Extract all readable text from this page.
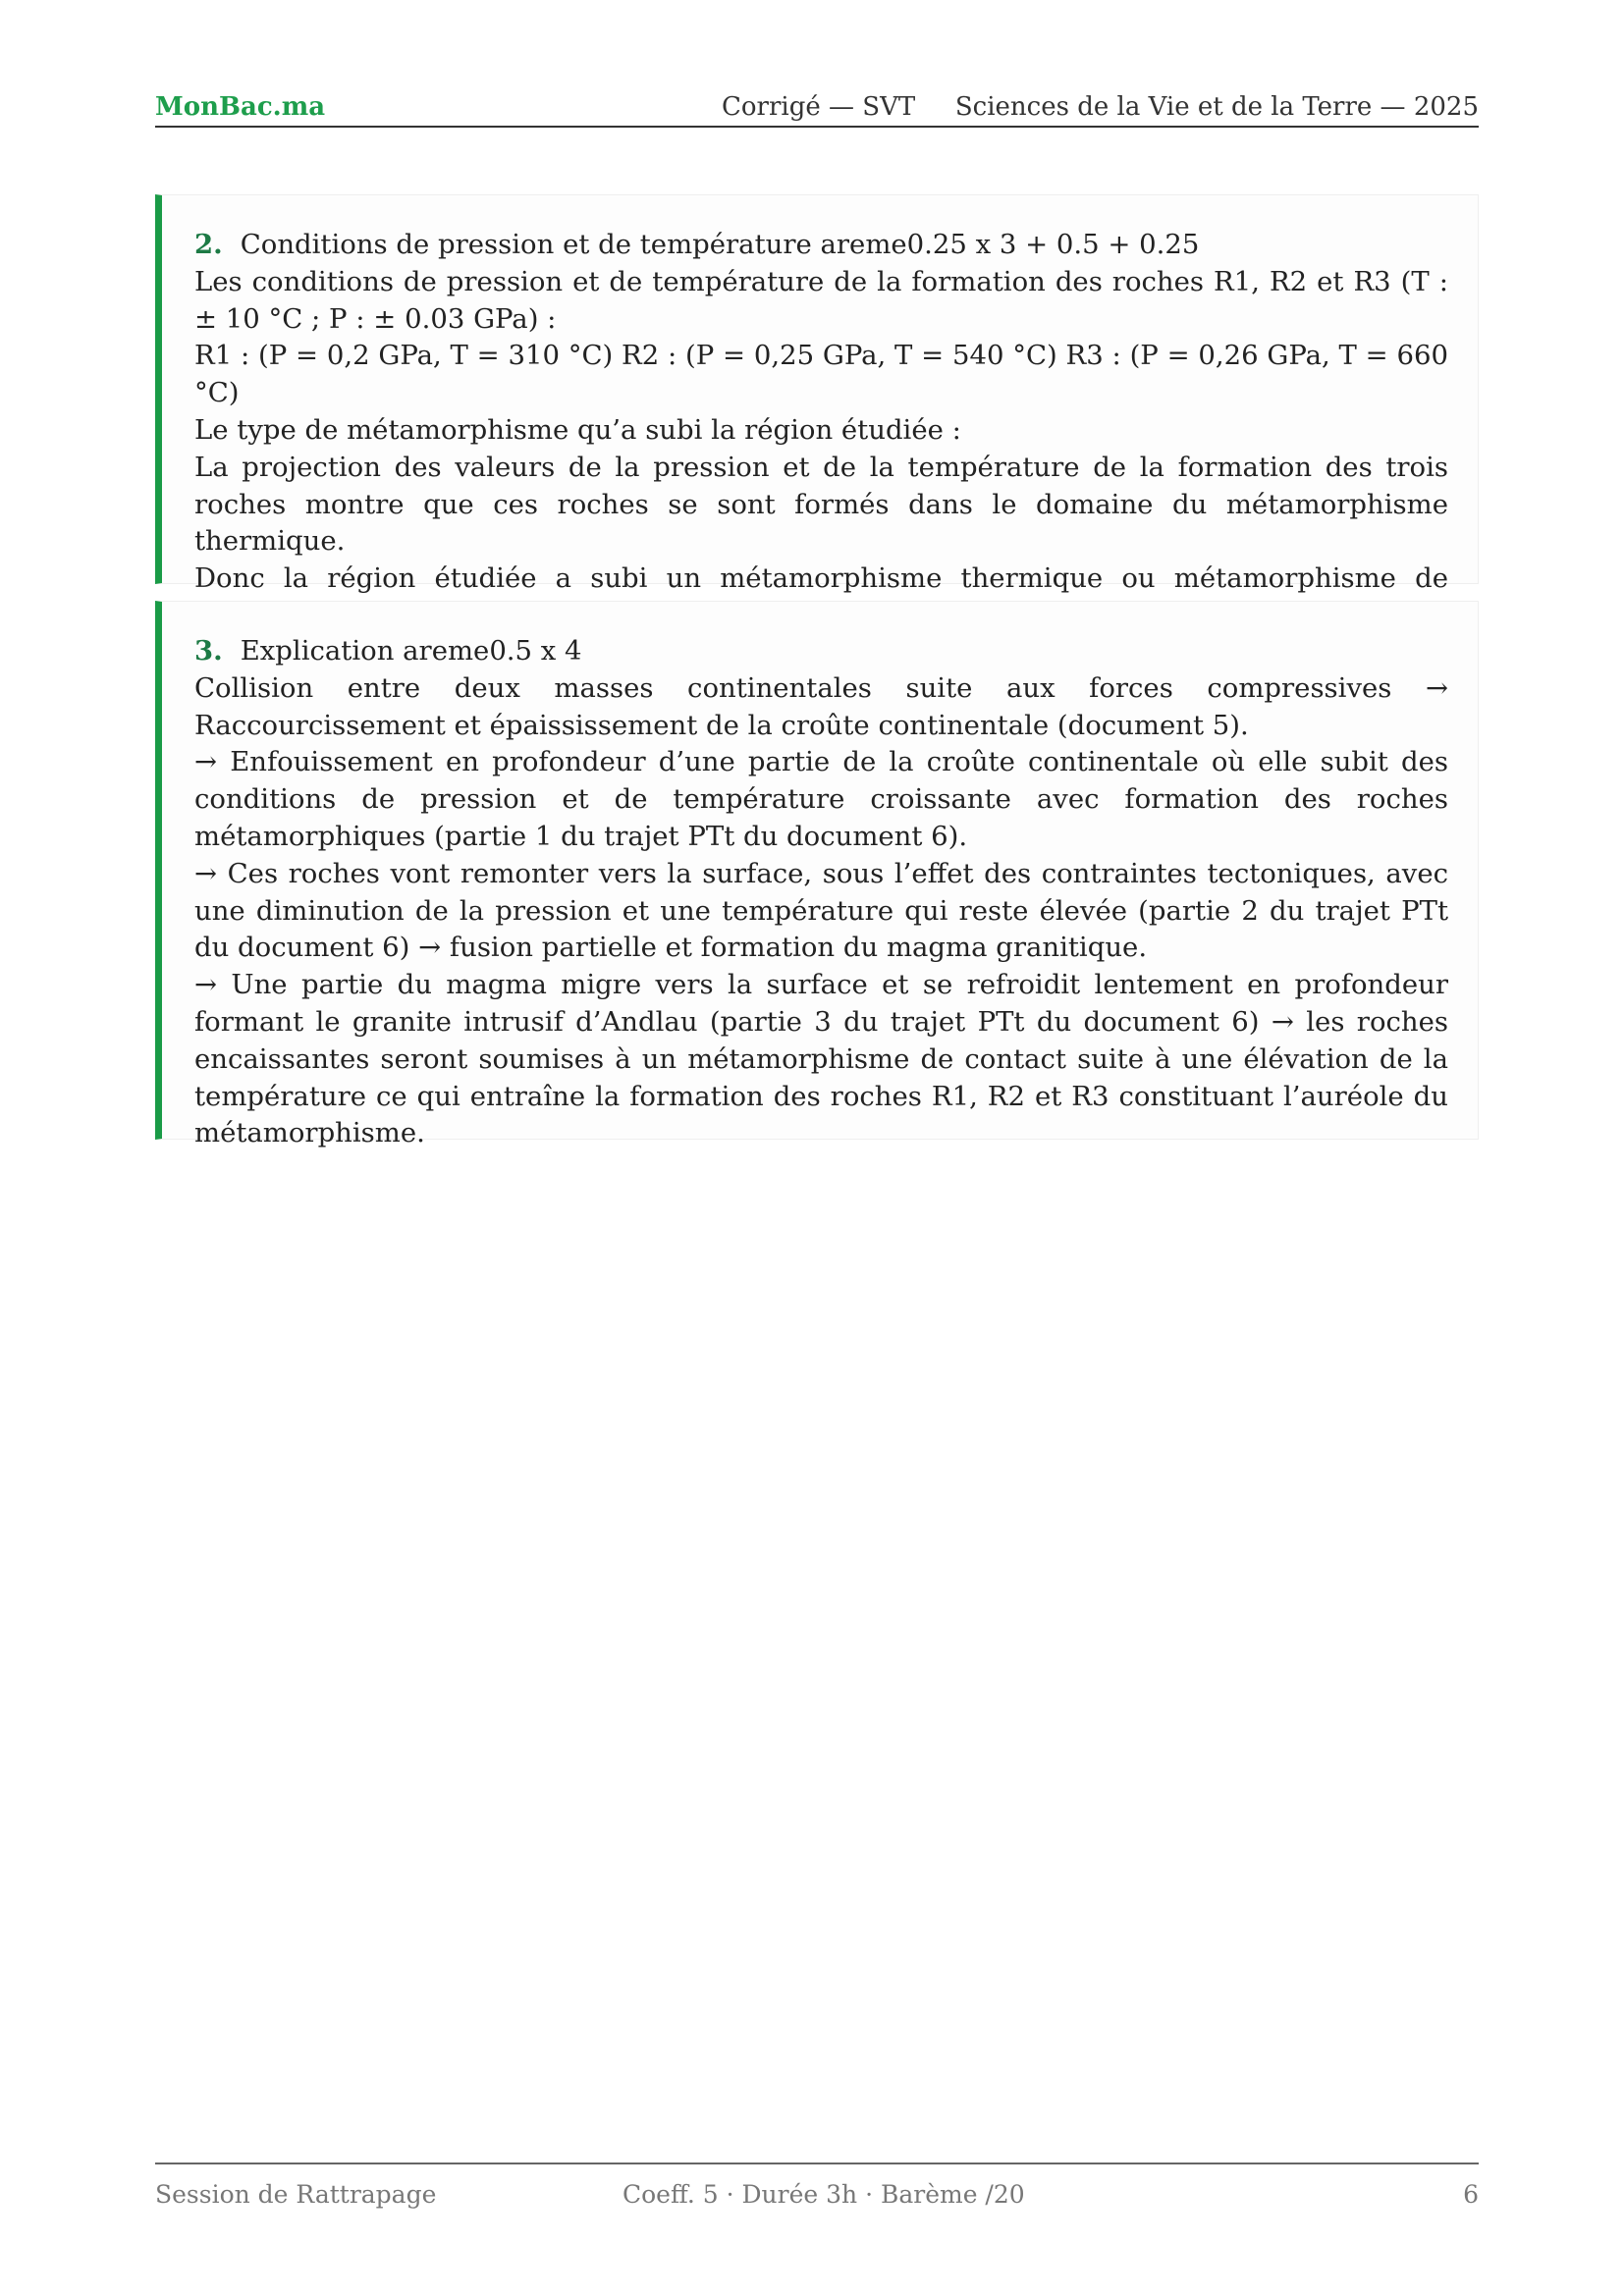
MonBac.ma	Corrigé — SVT Sciences de la Vie et de la Terre — 2025

2. Conditions de pression et de température areme0.25 x 3 + 0.5 + 0.25

Les conditions de pression et de température de la formation des roches R1, R2 et R3 (T : ± 10 °C ; P : ± 0.03 GPa) :

R1 : (P = 0,2 GPa, T = 310 °C) R2 : (P = 0,25 GPa, T = 540 °C) R3 : (P = 0,26 GPa, T = 660 °C)

Le type de métamorphisme qu’a subi la région étudiée :

La projection des valeurs de la pression et de la température de la formation des trois roches montre que ces roches se sont formés dans le domaine du métamorphisme thermique.

Donc la région étudiée a subi un métamorphisme thermique ou métamorphisme de

3. Explication areme0.5 x 4

Collision entre deux masses continentales suite aux forces compressives → Raccourcissement et épaississement de la croûte continentale (document 5).

→ Enfouissement en profondeur d’une partie de la croûte continentale où elle subit des conditions de pression et de température croissante avec formation des roches métamorphiques (partie 1 du trajet PTt du document 6).

→ Ces roches vont remonter vers la surface, sous l’effet des contraintes tectoniques, avec une diminution de la pression et une température qui reste élevée (partie 2 du trajet PTt du document 6) → fusion partielle et formation du magma granitique.

→ Une partie du magma migre vers la surface et se refroidit lentement en profondeur formant le granite intrusif d’Andlau (partie 3 du trajet PTt du document 6) → les roches encaissantes seront soumises à un métamorphisme de contact suite à une élévation de la température ce qui entraîne la formation des roches R1, R2 et R3 constituant l’auréole du métamorphisme.

Session de Rattrapage	Coeff. 5 · Durée 3h · Barème /20	6
